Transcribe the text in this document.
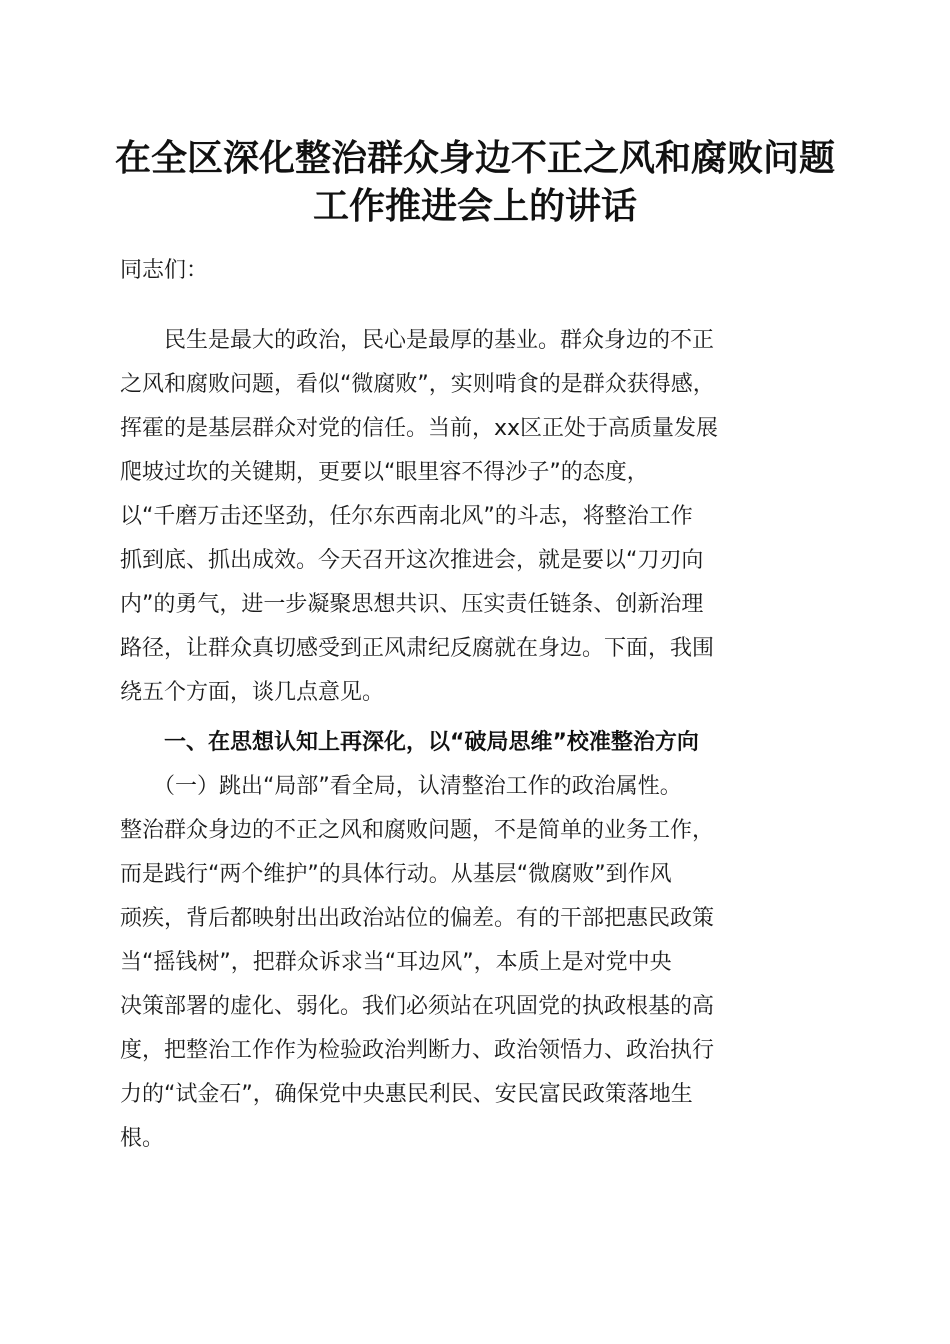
在全区深化整治群众身边不正之风和腐败问题
工作推进会上的讲话

同志们：

　　民生是最大的政治，民心是最厚的基业。群众身边的不正

之风和腐败问题，看似“微腐败”，实则啃食的是群众获得感，

挥霍的是基层群众对党的信任。当前，xx区正处于高质量发展

爬坡过坎的关键期，更要以“眼里容不得沙子”的态度，

以“千磨万击还坚劲，任尔东西南北风”的斗志，将整治工作

抓到底、抓出成效。今天召开这次推进会，就是要以“刀刃向

内”的勇气，进一步凝聚思想共识、压实责任链条、创新治理

路径，让群众真切感受到正风肃纪反腐就在身边。下面，我围

绕五个方面，谈几点意见。

　　一、在思想认知上再深化，以“破局思维”校准整治方向

　　（一）跳出“局部”看全局，认清整治工作的政治属性。

整治群众身边的不正之风和腐败问题，不是简单的业务工作，

而是践行“两个维护”的具体行动。从基层“微腐败”到作风

顽疾，背后都映射出出政治站位的偏差。有的干部把惠民政策

当“摇钱树”，把群众诉求当“耳边风”，本质上是对党中央

决策部署的虚化、弱化。我们必须站在巩固党的执政根基的高

度，把整治工作作为检验政治判断力、政治领悟力、政治执行

力的“试金石”，确保党中央惠民利民、安民富民政策落地生

根。
